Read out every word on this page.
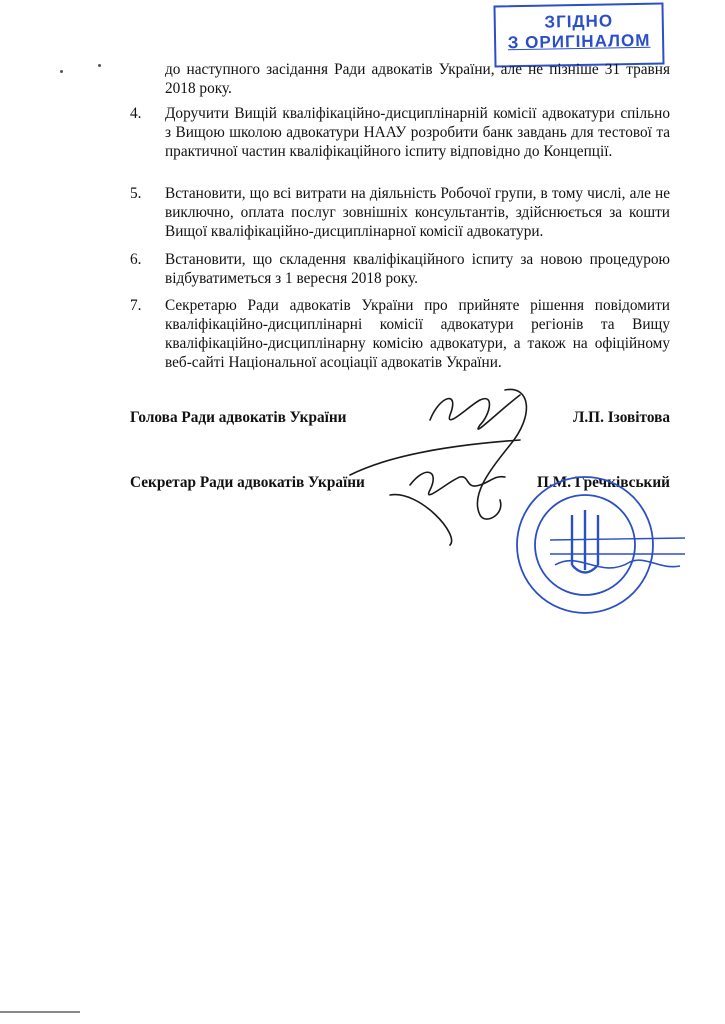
ЗГІДНО
З ОРИГІНАЛОМ
до наступного засідання Ради адвокатів України, але не пізніше 31 травня 2018 року.
4.	Доручити Вищій кваліфікаційно-дисциплінарній комісії адвокатури спільно з Вищою школою адвокатури НААУ розробити банк завдань для тестової та практичної частин кваліфікаційного іспиту відповідно до Концепції.
5.	Встановити, що всі витрати на діяльність Робочої групи, в тому числі, але не виключно, оплата послуг зовнішніх консультантів, здійснюється за кошти Вищої кваліфікаційно-дисциплінарної комісії адвокатури.
6.	Встановити, що складення кваліфікаційного іспиту за новою процедурою відбуватиметься з 1 вересня 2018 року.
7.	Секретарю Ради адвокатів України про прийняте рішення повідомити кваліфікаційно-дисциплінарні комісії адвокатури регіонів та Вищу кваліфікаційно-дисциплінарну комісію адвокатури, а також на офіційному веб-сайті Національної асоціації адвокатів України.
Голова Ради адвокатів України	Л.П. Ізовітова
Секретар Ради адвокатів України	П.М. Гречківський
